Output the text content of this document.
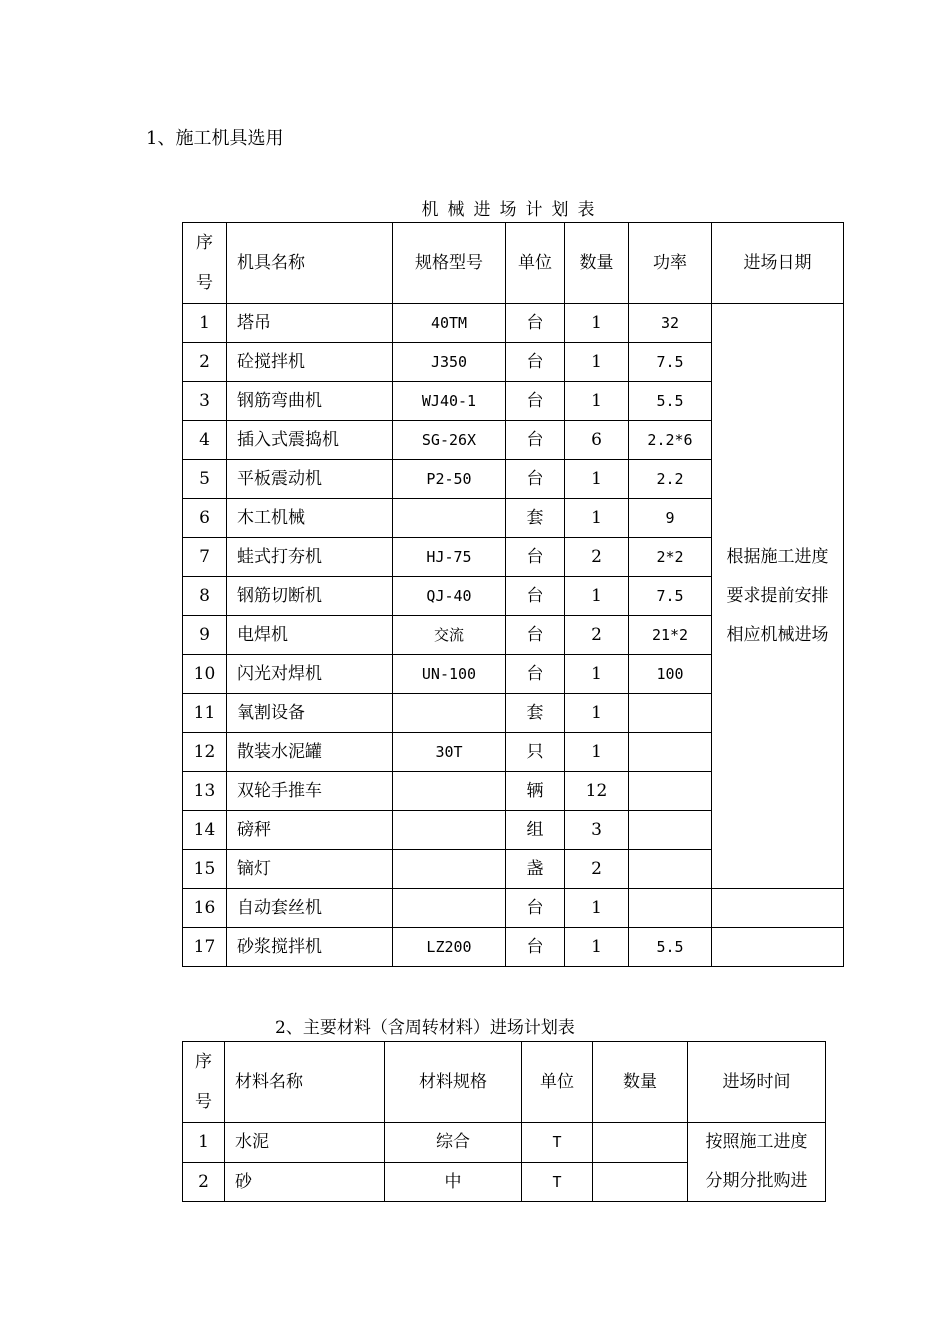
1、施工机具选用
机械进场计划表
序
号	机具名称	规格型号	单位	数量	功率	进场日期
1	塔吊	40TM	台	1	32	根据施工进度
要求提前安排
相应机械进场

2	砼搅拌机	J350	台	1	7.5	
3	钢筋弯曲机	WJ40-1	台	1	5.5	
4	插入式震捣机	SG-26X	台	6	2.2*6	
5	平板震动机	P2-50	台	1	2.2	
6	木工机械		套	1	9	
7	蛙式打夯机	HJ-75	台	2	2*2	
8	钢筋切断机	QJ-40	台	1	7.5	
9	电焊机	交流	台	2	21*2	
10	闪光对焊机	UN-100	台	1	100	
11	氧割设备		套	1		
12	散装水泥罐	30T	只	1		
13	双轮手推车		辆	12		
14	磅秤		组	3		
15	镝灯		盏	2		
16	自动套丝机		台	1		
17	砂浆搅拌机	LZ200	台	1	5.5	
2、主要材料（含周转材料）进场计划表
序
号	材料名称	材料规格	单位	数量	进场时间
1	水泥	综合	T		按照施工进度
分期分批购进

2	砂	中	T		
